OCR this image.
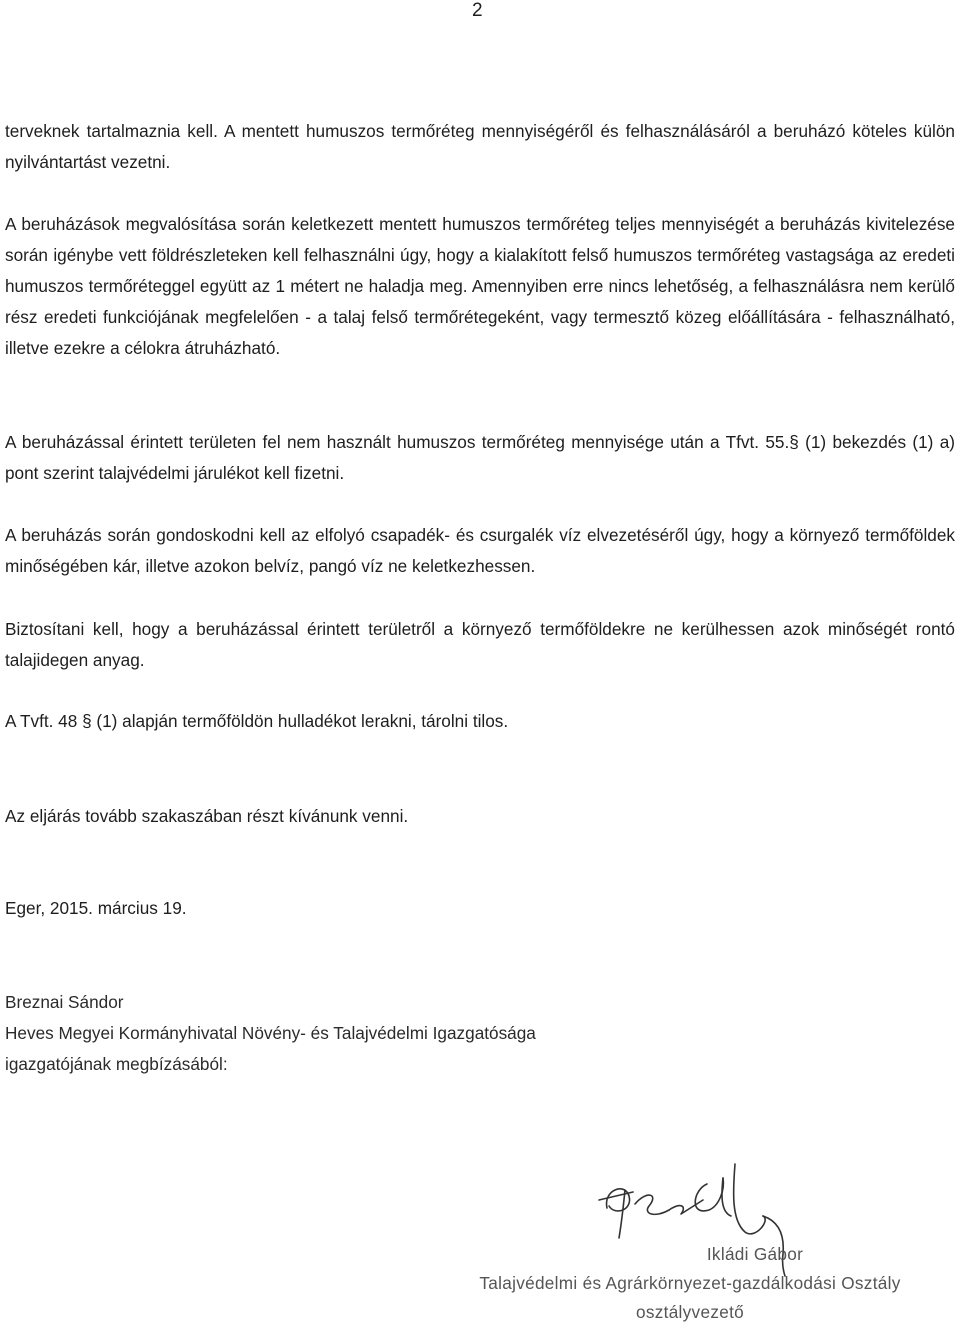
2

terveknek tartalmaznia kell. A mentett humuszos termőréteg mennyiségéről és felhasználásáról a beruházó köteles külön nyilvántartást vezetni.

A beruházások megvalósítása során keletkezett mentett humuszos termőréteg teljes mennyiségét a beruházás kivitelezése során igénybe vett földrészleteken kell felhasználni úgy, hogy a kialakított felső humuszos termőréteg vastagsága az eredeti humuszos termőréteggel együtt az 1 métert ne haladja meg. Amennyiben erre nincs lehetőség, a felhasználásra nem kerülő rész eredeti funkciójának megfelelően - a talaj felső termőrétegeként, vagy termesztő közeg előállítására - felhasználható, illetve ezekre a célokra átruházható.

A beruházással érintett területen fel nem használt humuszos termőréteg mennyisége után a Tfvt. 55.§ (1) bekezdés (1) a) pont szerint talajvédelmi járulékot kell fizetni.

A beruházás során gondoskodni kell az elfolyó csapadék- és csurgalék víz elvezetéséről úgy, hogy a környező termőföldek minőségében kár, illetve azokon belvíz, pangó víz ne keletkezhessen.

Biztosítani kell, hogy a beruházással érintett területről a környező termőföldekre ne kerülhessen azok minőségét rontó talajidegen anyag.

A Tvft. 48 § (1) alapján termőföldön hulladékot lerakni, tárolni tilos.

Az eljárás tovább szakaszában részt kívánunk venni.

Eger, 2015. március 19.

Breznai Sándor
Heves Megyei Kormányhivatal Növény- és Talajvédelmi Igazgatósága
igazgatójának megbízásából:
Ikládi Gábor
Talajvédelmi és Agrárkörnyezet-gazdálkodási Osztály
osztályvezető
